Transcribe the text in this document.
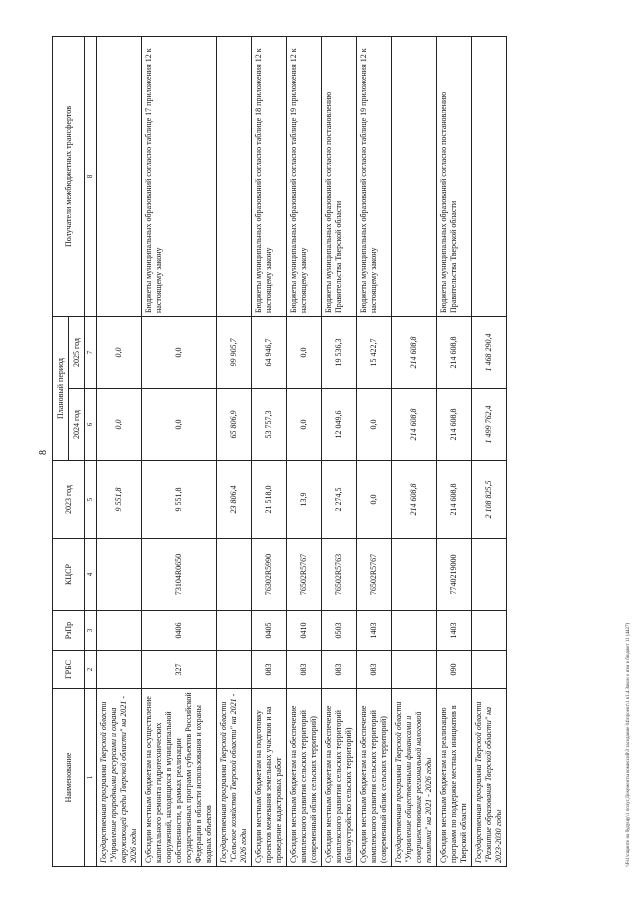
8
Наименование	ГРБС	РзПр	КЦСР	2023 год	Плановый период		Получатели межбюджетных трансфертов
					2024 год	2025 год	
1	2	3	4	5	6	7	8
Государственная программа Тверской области "Управление природными ресурсами и охрана окружающей среды Тверской области" на 2021 - 2026 годы				9 551,8	0,0	0,0	
Субсидии местным бюджетам на осуществление капитального ремонта гидротехнических сооружений, находящихся в муниципальной собственности, в рамках реализации государственных программ субъектов Российской Федерации в области использования и охраны водных объектов	327	0406	73104R0650	9 551,8	0,0	0,0	Бюджеты муниципальных образований согласно таблице 17 приложения 12 к настоящему закону
Государственная программа Тверской области "Сельское хозяйство Тверской области" на 2021 - 2026 годы				23 806,4	65 806,9	99 905,7	
Субсидии местным бюджетам на подготовку проектов межевания земельных участков и на проведение кадастровых работ	083	0405	76302R5990	21 518,0	53 757,3	64 946,7	Бюджеты муниципальных образований согласно таблице 18 приложения 12 к настоящему закону
Субсидии местным бюджетам на обеспечение комплексного развития сельских территорий (современный облик сельских территорий)	083	0410	76502R5767	13,9	0,0	0,0	Бюджеты муниципальных образований согласно таблице 19 приложения 12 к настоящему закону
Субсидии местным бюджетам на обеспечение комплексного развития сельских территорий (благоустройство сельских территорий)	083	0503	76502R5763	2 274,5	12 049,6	19 536,3	Бюджеты муниципальных образований согласно постановлению Правительства Тверской области
Субсидии местным бюджетам на обеспечение комплексного развития сельских территорий (современный облик сельских территорий)	083	1403	76502R5767	0,0	0,0	15 422,7	Бюджеты муниципальных образований согласно таблице 19 приложения 12 к настоящему закону
Государственная программа Тверской области "Управление общественными финансами и совершенствование региональной налоговой политики" на 2021 - 2026 годы				214 608,8	214 608,8	214 608,8	
Субсидии местным бюджетам на реализацию программ по поддержке местных инициатив в Тверской области	090	1403	7740219000	214 608,8	214 608,8	214 608,8	Бюджеты муниципальных образований согласно постановлению Правительства Тверской области
Государственная программа Тверской области "Развитие образования Тверской области" на 2023-2030 годы				2 108 825,5	1 499 762,4	1 468 290,4	
\\Fs1\сщинте на будущу\1 полуг.Документы комиссий\3 заседание 04\проект\1 в1.4 Закон о изм в бюджет 11 (4427)
